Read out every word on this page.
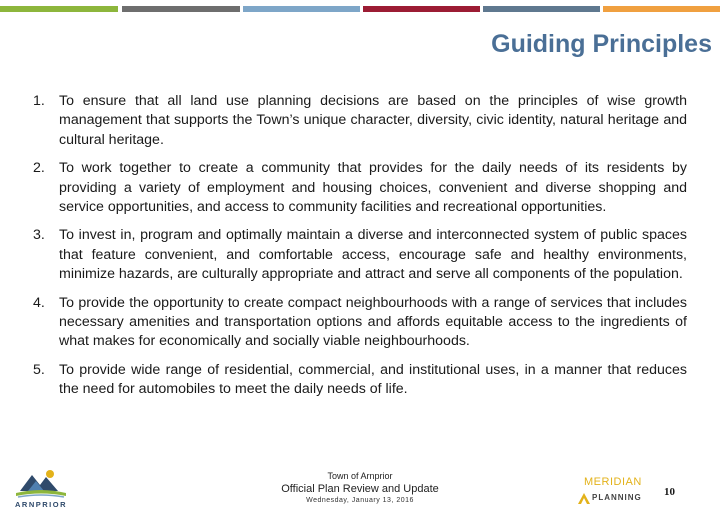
Guiding Principles
1. To ensure that all land use planning decisions are based on the principles of wise growth management that supports the Town’s unique character, diversity, civic identity, natural heritage and cultural heritage.
2. To work together to create a community that provides for the daily needs of its residents by providing a variety of employment and housing choices, convenient and diverse shopping and service opportunities, and access to community facilities and recreational opportunities.
3. To invest in, program and optimally maintain a diverse and interconnected system of public spaces that feature convenient, and comfortable access, encourage safe and healthy environments, minimize hazards, are culturally appropriate and attract and serve all components of the population.
4. To provide the opportunity to create compact neighbourhoods with a range of services that includes necessary amenities and transportation options and affords equitable access to the ingredients of what makes for economically and socially viable neighbourhoods.
5. To provide wide range of residential, commercial, and institutional uses, in a manner that reduces the need for automobiles to meet the daily needs of life.
ARNPRIOR
Town of Arnprior
Official Plan Review and Update
Wednesday, January 13, 2016
MERIDIAN
PLANNING 10
